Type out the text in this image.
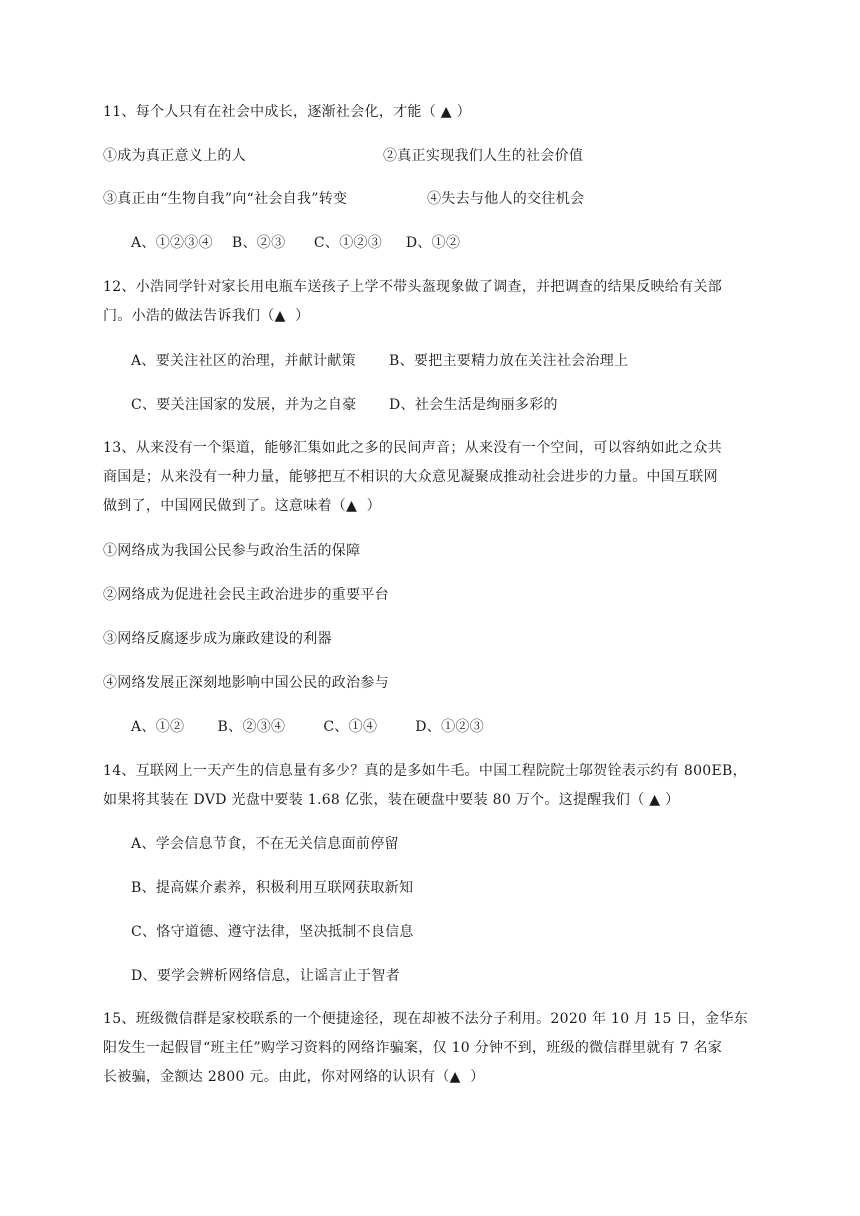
11、每个人只有在社会中成长，逐渐社会化，才能（ ▲ ）
①成为真正意义上的人	②真正实现我们人生的社会价值
③真正由“生物自我”向“社会自我”转变	④失去与他人的交往机会
A、①②③④    B、②③      C、①②③     D、①②
12、小浩同学针对家长用电瓶车送孩子上学不带头盔现象做了调查，并把调查的结果反映给有关部
门。小浩的做法告诉我们（▲  ）
A、要关注社区的治理，并献计献策 B、要把主要精力放在关注社会治理上
C、要关注国家的发展，并为之自豪 D、社会生活是绚丽多彩的
13、从来没有一个渠道，能够汇集如此之多的民间声音；从来没有一个空间，可以容纳如此之众共
商国是；从来没有一种力量，能够把互不相识的大众意见凝聚成推动社会进步的力量。中国互联网
做到了，中国网民做到了。这意味着（▲  ）
①网络成为我国公民参与政治生活的保障
②网络成为促进社会民主政治进步的重要平台
③网络反腐逐步成为廉政建设的利器
④网络发展正深刻地影响中国公民的政治参与
A、①②       B、②③④        C、①④        D、①②③
14、互联网上一天产生的信息量有多少？真的是多如牛毛。中国工程院院士邬贺铨表示约有 800EB，
如果将其装在 DVD 光盘中要装 1.68 亿张，装在硬盘中要装 80 万个。这提醒我们（ ▲ ）
A、学会信息节食，不在无关信息面前停留
B、提高媒介素养，积极利用互联网获取新知
C、恪守道德、遵守法律，坚决抵制不良信息
D、要学会辨析网络信息，让谣言止于智者
15、班级微信群是家校联系的一个便捷途径，现在却被不法分子利用。2020 年 10 月 15 日，金华东
阳发生一起假冒“班主任”购学习资料的网络诈骗案，仅 10 分钟不到，班级的微信群里就有 7 名家
长被骗，金额达 2800 元。由此，你对网络的认识有（▲  ）
